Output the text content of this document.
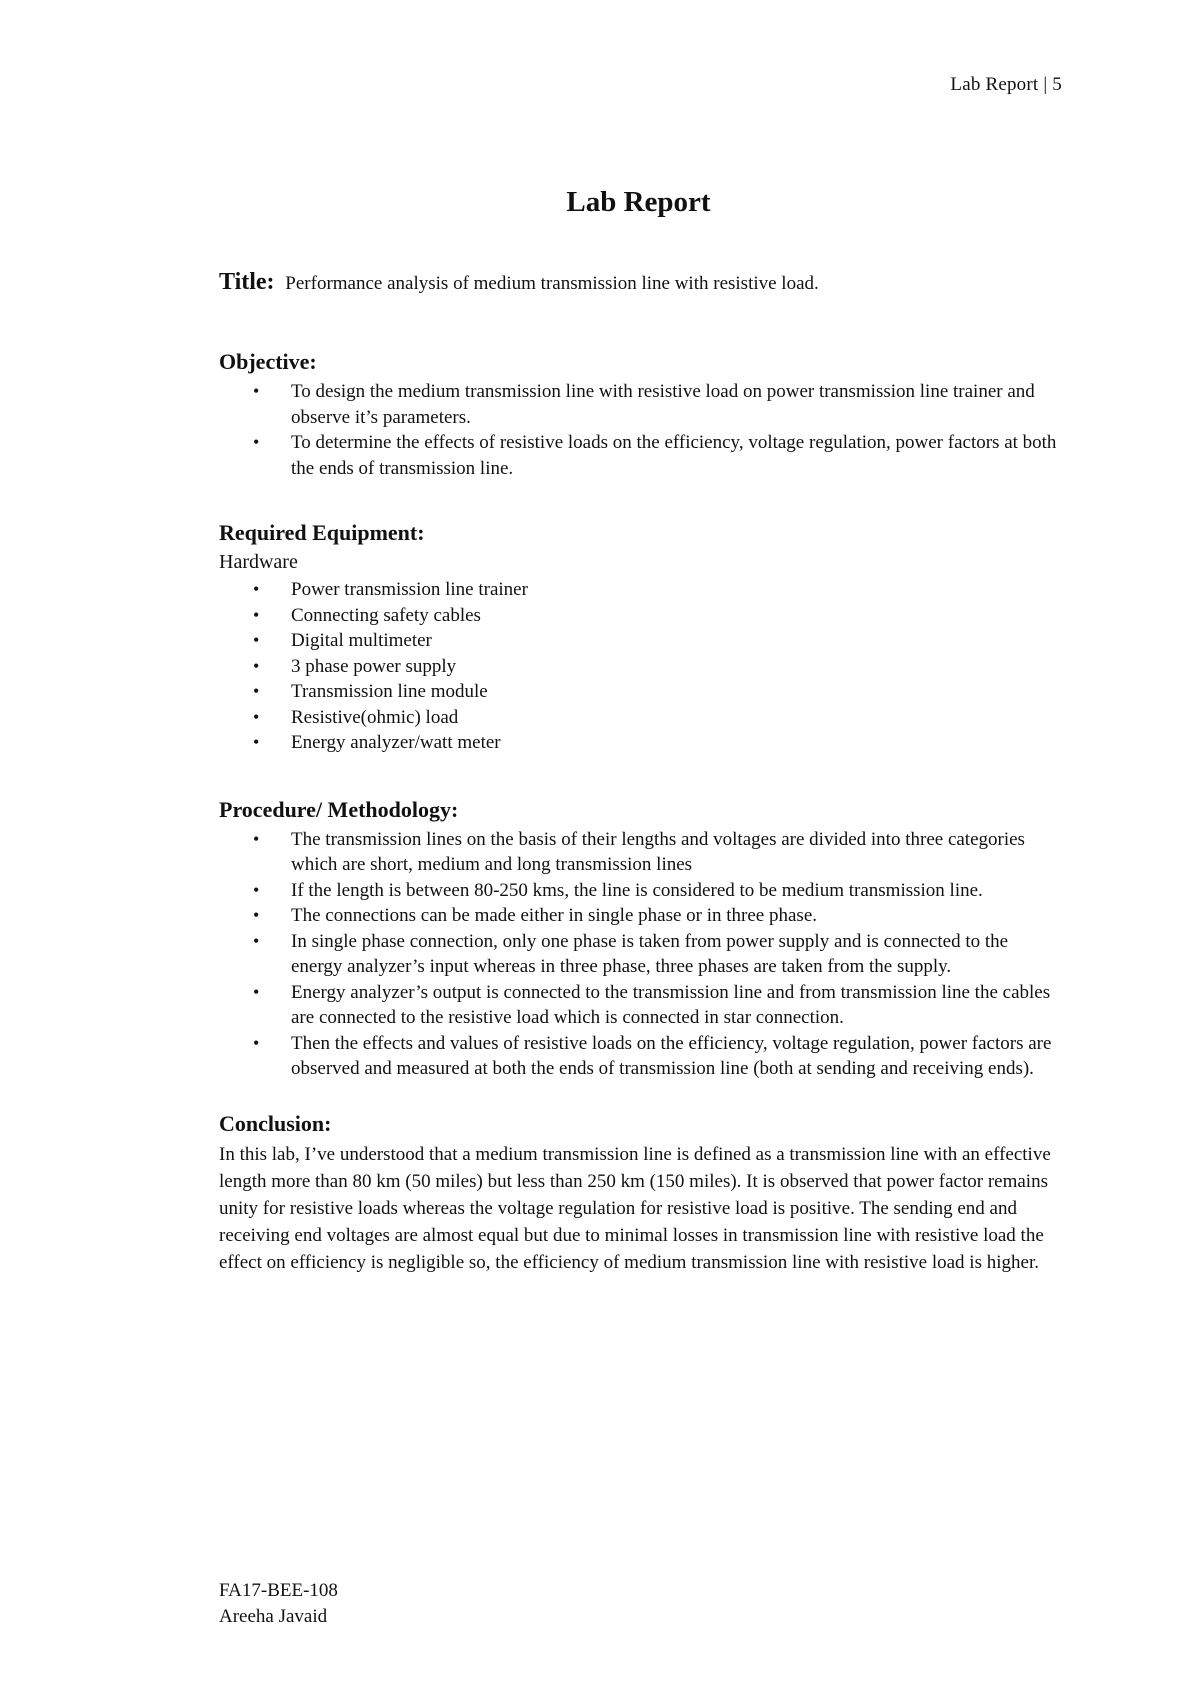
Lab Report | 5
Lab Report
Title: Performance analysis of medium transmission line with resistive load.
Objective:
• To design the medium transmission line with resistive load on power transmission line trainer and observe it’s parameters.
• To determine the effects of resistive loads on the efficiency, voltage regulation, power factors at both the ends of transmission line.
Required Equipment:
Hardware
• Power transmission line trainer
• Connecting safety cables
• Digital multimeter
• 3 phase power supply
• Transmission line module
• Resistive(ohmic) load
• Energy analyzer/watt meter
Procedure/ Methodology:
• The transmission lines on the basis of their lengths and voltages are divided into three categories which are short, medium and long transmission lines
• If the length is between 80-250 kms, the line is considered to be medium transmission line.
• The connections can be made either in single phase or in three phase.
• In single phase connection, only one phase is taken from power supply and is connected to the energy analyzer’s input whereas in three phase, three phases are taken from the supply.
• Energy analyzer’s output is connected to the transmission line and from transmission line the cables are connected to the resistive load which is connected in star connection.
• Then the effects and values of resistive loads on the efficiency, voltage regulation, power factors are observed and measured at both the ends of transmission line (both at sending and receiving ends).
Conclusion:

In this lab, I’ve understood that a medium transmission line is defined as a transmission line with an effective length more than 80 km (50 miles) but less than 250 km (150 miles). It is observed that power factor remains unity for resistive loads whereas the voltage regulation for resistive load is positive. The sending end and receiving end voltages are almost equal but due to minimal losses in transmission line with resistive load the effect on efficiency is negligible so, the efficiency of medium transmission line with resistive load is higher.

FA17-BEE-108
Areeha Javaid
